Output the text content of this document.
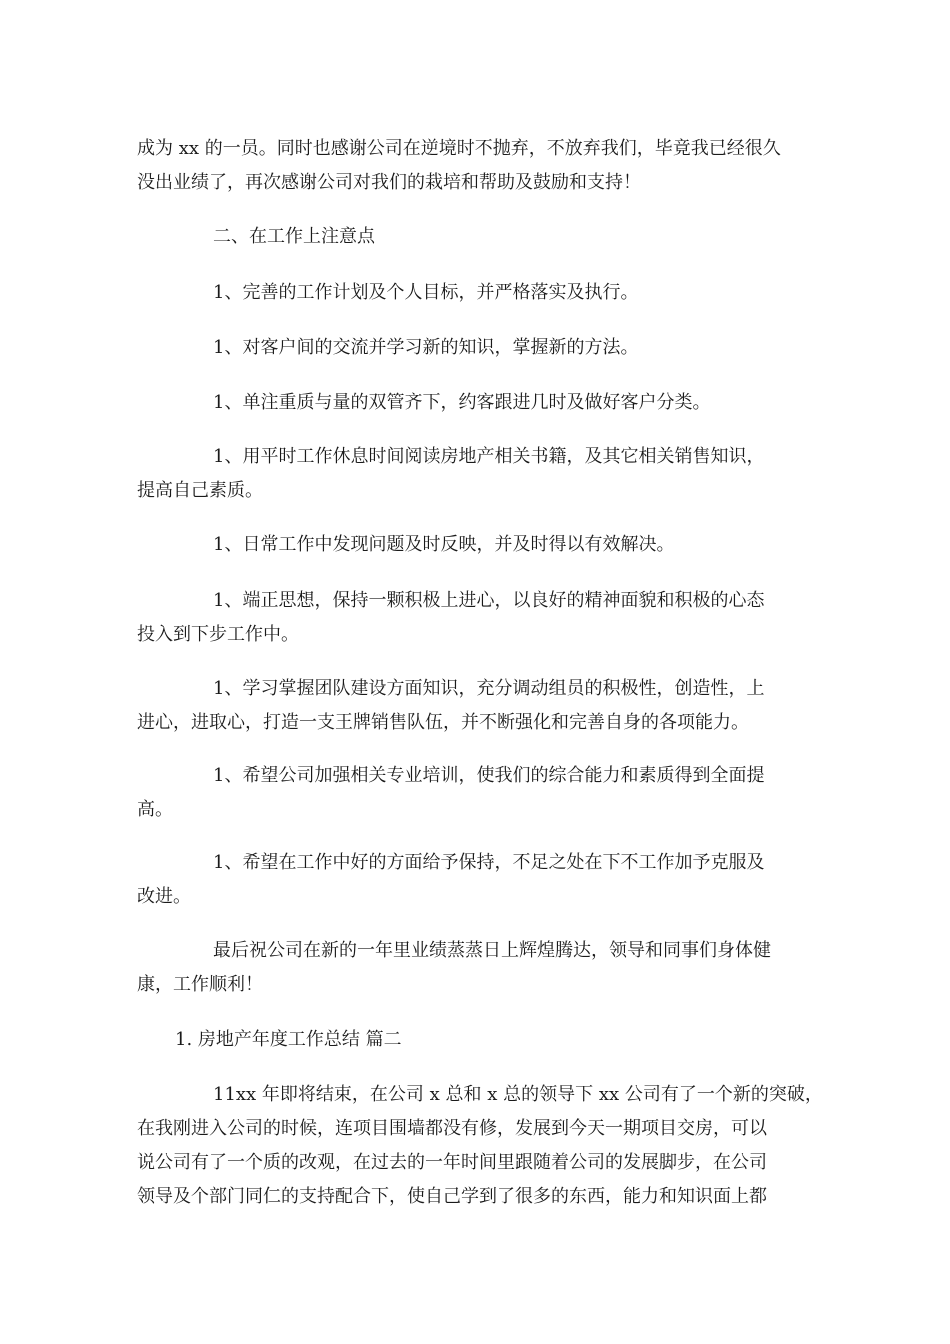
成为 xx 的一员。同时也感谢公司在逆境时不抛弃，不放弃我们，毕竟我已经很久
没出业绩了，再次感谢公司对我们的栽培和帮助及鼓励和支持！
二、在工作上注意点
1、完善的工作计划及个人目标，并严格落实及执行。
1、对客户间的交流并学习新的知识，掌握新的方法。
1、单注重质与量的双管齐下，约客跟进几时及做好客户分类。
1、用平时工作休息时间阅读房地产相关书籍，及其它相关销售知识，
提高自己素质。
1、日常工作中发现问题及时反映，并及时得以有效解决。
1、端正思想，保持一颗积极上进心，以良好的精神面貌和积极的心态
投入到下步工作中。
1、学习掌握团队建设方面知识，充分调动组员的积极性，创造性，上
进心，进取心，打造一支王牌销售队伍，并不断强化和完善自身的各项能力。
1、希望公司加强相关专业培训，使我们的综合能力和素质得到全面提
高。
1、希望在工作中好的方面给予保持，不足之处在下不工作加予克服及
改进。
最后祝公司在新的一年里业绩蒸蒸日上辉煌腾达，领导和同事们身体健
康，工作顺利！
1. 房地产年度工作总结 篇二
11xx 年即将结束，在公司 x 总和 x 总的领导下 xx 公司有了一个新的突破，
在我刚进入公司的时候，连项目围墙都没有修，发展到今天一期项目交房，可以
说公司有了一个质的改观，在过去的一年时间里跟随着公司的发展脚步，在公司
领导及个部门同仁的支持配合下，使自己学到了很多的东西，能力和知识面上都
